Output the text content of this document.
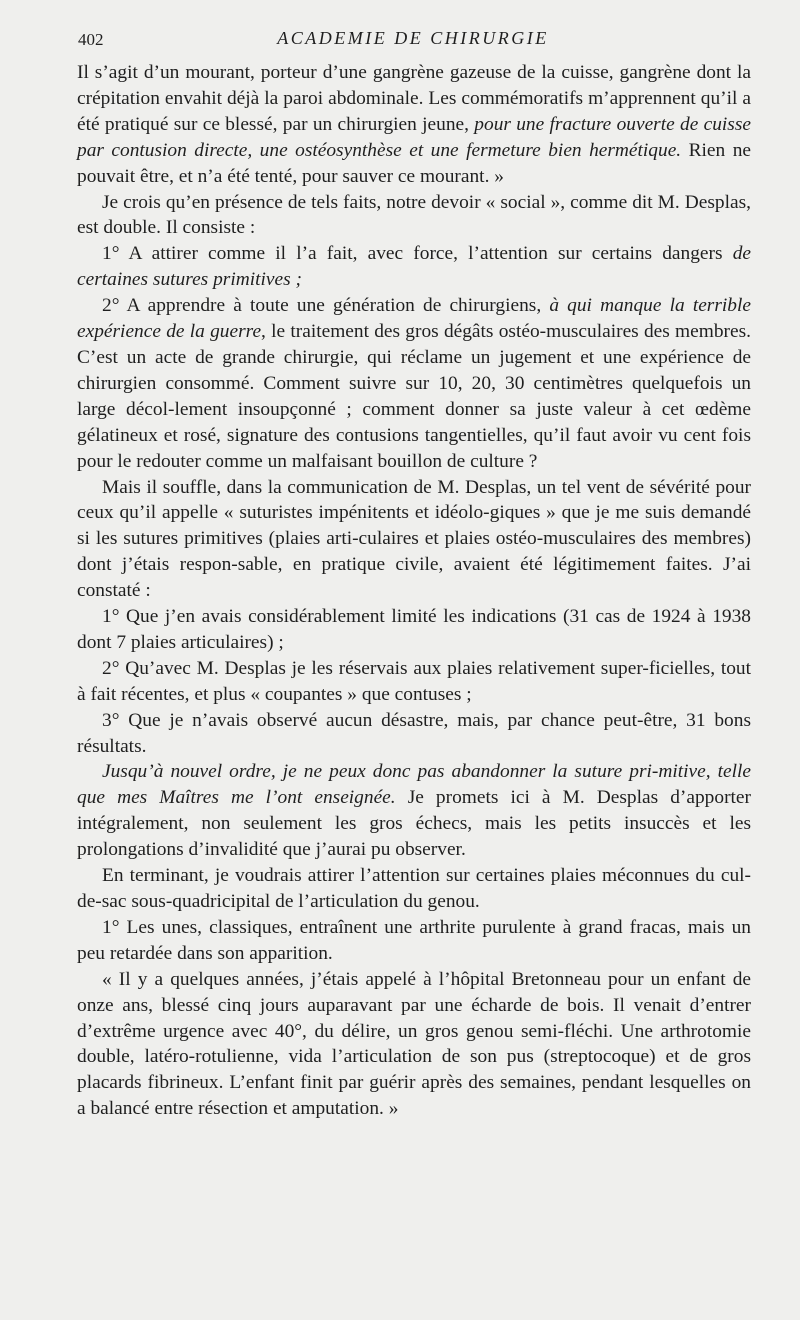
402	ACADEMIE DE CHIRURGIE

Il s’agit d’un mourant, porteur d’une gangrène gazeuse de la cuisse, gangrène dont la crépitation envahit déjà la paroi abdominale. Les commémoratifs m’apprennent qu’il a été pratiqué sur ce blessé, par un chirurgien jeune, pour une fracture ouverte de cuisse par contusion directe, une ostéosynthèse et une fermeture bien hermétique. Rien ne pouvait être, et n’a été tenté, pour sauver ce mourant. »

Je crois qu’en présence de tels faits, notre devoir « social », comme dit M. Desplas, est double. Il consiste :

1° A attirer comme il l’a fait, avec force, l’attention sur certains dangers de certaines sutures primitives ;

2° A apprendre à toute une génération de chirurgiens, à qui manque la terrible expérience de la guerre, le traitement des gros dégâts ostéo-musculaires des membres. C’est un acte de grande chirurgie, qui réclame un jugement et une expérience de chirurgien consommé. Comment suivre sur 10, 20, 30 centimètres quelquefois un large décol-lement insoupçonné ; comment donner sa juste valeur à cet œdème gélatineux et rosé, signature des contusions tangentielles, qu’il faut avoir vu cent fois pour le redouter comme un malfaisant bouillon de culture ?

Mais il souffle, dans la communication de M. Desplas, un tel vent de sévérité pour ceux qu’il appelle « suturistes impénitents et idéolo-giques » que je me suis demandé si les sutures primitives (plaies arti-culaires et plaies ostéo-musculaires des membres) dont j’étais respon-sable, en pratique civile, avaient été légitimement faites. J’ai constaté :

1° Que j’en avais considérablement limité les indications (31 cas de 1924 à 1938 dont 7 plaies articulaires) ;

2° Qu’avec M. Desplas je les réservais aux plaies relativement super-ficielles, tout à fait récentes, et plus « coupantes » que contuses ;

3° Que je n’avais observé aucun désastre, mais, par chance peut-être, 31 bons résultats.

Jusqu’à nouvel ordre, je ne peux donc pas abandonner la suture pri-mitive, telle que mes Maîtres me l’ont enseignée. Je promets ici à M. Desplas d’apporter intégralement, non seulement les gros échecs, mais les petits insuccès et les prolongations d’invalidité que j’aurai pu observer.

En terminant, je voudrais attirer l’attention sur certaines plaies méconnues du cul-de-sac sous-quadricipital de l’articulation du genou.

1° Les unes, classiques, entraînent une arthrite purulente à grand fracas, mais un peu retardée dans son apparition.

« Il y a quelques années, j’étais appelé à l’hôpital Bretonneau pour un enfant de onze ans, blessé cinq jours auparavant par une écharde de bois. Il venait d’entrer d’extrême urgence avec 40°, du délire, un gros genou semi-fléchi. Une arthrotomie double, latéro-rotulienne, vida l’articulation de son pus (streptocoque) et de gros placards fibrineux. L’enfant finit par guérir après des semaines, pendant lesquelles on a balancé entre résection et amputation. »
